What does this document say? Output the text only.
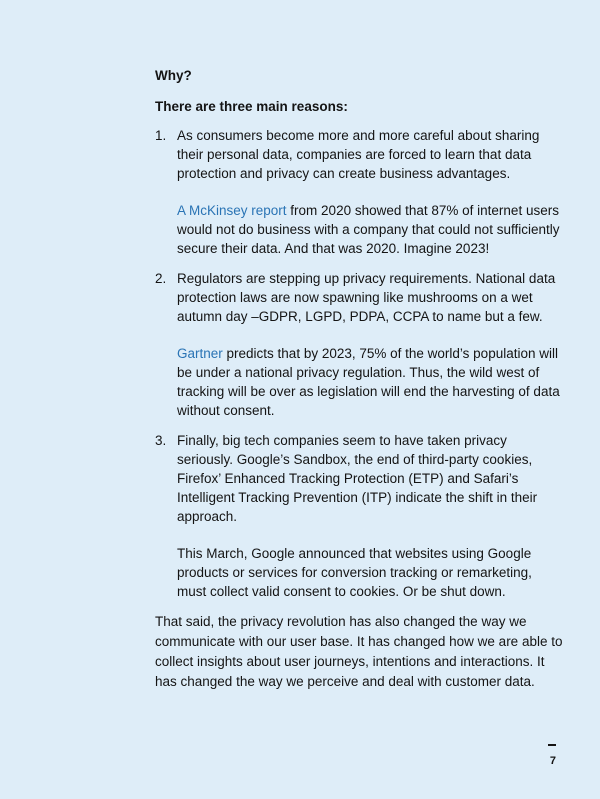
Why?

There are three main reasons:

1. As consumers become more and more careful about sharing their personal data, companies are forced to learn that data protection and privacy can create business advantages.

A McKinsey report from 2020 showed that 87% of internet users would not do business with a company that could not sufficiently secure their data. And that was 2020. Imagine 2023!

2. Regulators are stepping up privacy requirements. National data protection laws are now spawning like mushrooms on a wet autumn day –GDPR, LGPD, PDPA, CCPA to name but a few.

Gartner predicts that by 2023, 75% of the world’s population will be under a national privacy regulation. Thus, the wild west of tracking will be over as legislation will end the harvesting of data without consent.

3. Finally, big tech companies seem to have taken privacy seriously. Google’s Sandbox, the end of third-party cookies, Firefox’ Enhanced Tracking Protection (ETP) and Safari’s Intelligent Tracking Prevention (ITP) indicate the shift in their approach.

This March, Google announced that websites using Google products or services for conversion tracking or remarketing, must collect valid consent to cookies. Or be shut down.

That said, the privacy revolution has also changed the way we communicate with our user base. It has changed how we are able to collect insights about user journeys, intentions and interactions. It has changed the way we perceive and deal with customer data.

7
